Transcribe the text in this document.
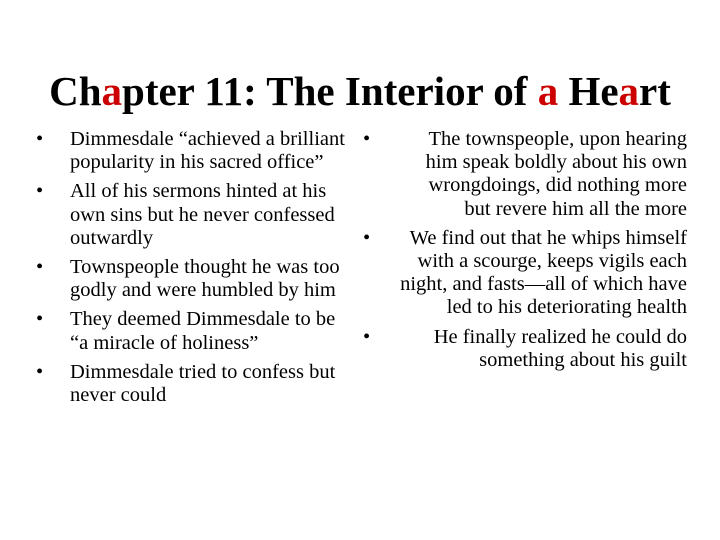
Chapter 11: The Interior of a Heart
• Dimmesdale “achieved a brilliant popularity in his sacred office”
• All of his sermons hinted at his own sins but he never confessed outwardly
• Townspeople thought he was too godly and were humbled by him
• They deemed Dimmesdale to be “a miracle of holiness”
• Dimmesdale tried to confess but never could
•	The townspeople, upon hearing him speak boldly about his own wrongdoings, did nothing more but revere him all the more
• We find out that he whips himself with a scourge, keeps vigils each night, and fasts—all of which have led to his deteriorating health
•	He finally realized he could do something about his guilt
